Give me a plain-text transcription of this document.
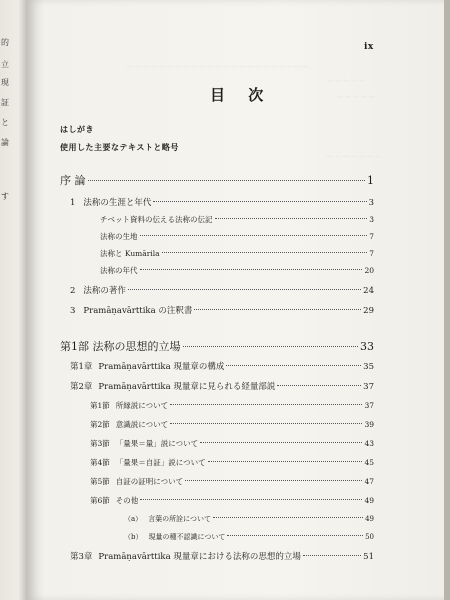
的
立
現
証
と
論
す
～～～～～～～～～～～～～～～～～～～～～～～
～～～～～
～～～～～
～～～～～～～
ix
目 次
はしがき
使用した主要なテキストと略号
序 論	1
1 法称の生涯と年代	3
チベット資料の伝える法称の伝記	3
法称の生地	7
法称と Kumārila	7
法称の年代	20
2 法称の著作	24
3 Pramāṇavārttika の注釈書	29
第1部 法称の思想的立場	33
第1章 Pramāṇavārttika 現量章の構成	35
第2章 Pramāṇavārttika 現量章に見られる経量部説	37
第1節 所縁説について	37
第2節 意識説について	39
第3節 「量果＝量」説について	43
第4節 「量果＝自証」説について	45
第5節 自証の証明について	47
第6節 その他	49
（a） 言葉の所詮について	49
（b） 現量の種不認識について	50
第3章 Pramāṇavārttika 現量章における法称の思想的立場	51
